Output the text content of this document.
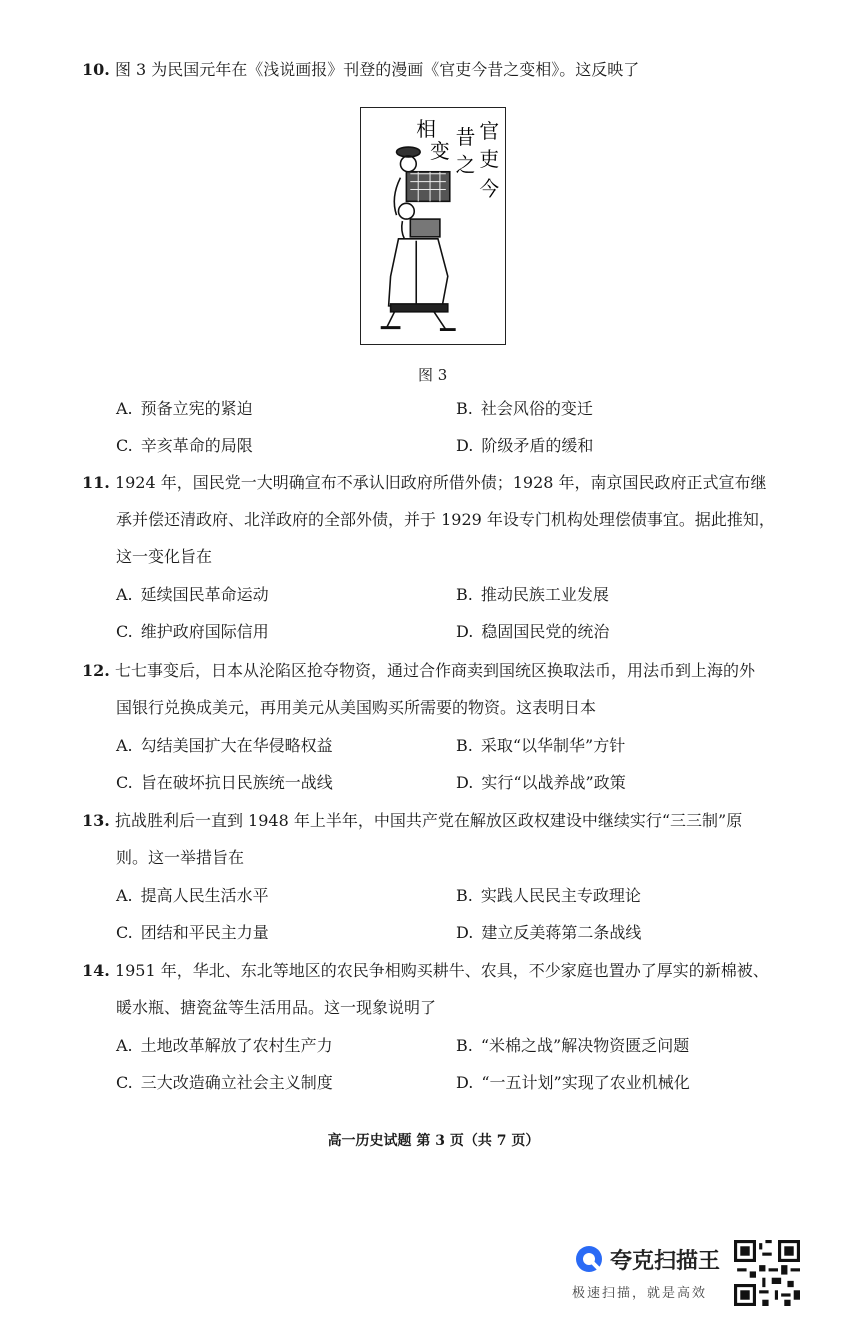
10. 图 3 为民国元年在《浅说画报》刊登的漫画《官吏今昔之变相》。这反映了
官
吏
今
昔
之
变
相
图 3
A. 预备立宪的紧迫	B. 社会风俗的变迁
C. 辛亥革命的局限	D. 阶级矛盾的缓和
11. 1924 年，国民党一大明确宣布不承认旧政府所借外债；1928 年，南京国民政府正式宣布继
承并偿还清政府、北洋政府的全部外债，并于 1929 年设专门机构处理偿债事宜。据此推知，
这一变化旨在
A. 延续国民革命运动	B. 推动民族工业发展
C. 维护政府国际信用	D. 稳固国民党的统治
12. 七七事变后，日本从沦陷区抢夺物资，通过合作商卖到国统区换取法币，用法币到上海的外
国银行兑换成美元，再用美元从美国购买所需要的物资。这表明日本
A. 勾结美国扩大在华侵略权益	B. 采取“以华制华”方针
C. 旨在破坏抗日民族统一战线	D. 实行“以战养战”政策
13. 抗战胜利后一直到 1948 年上半年，中国共产党在解放区政权建设中继续实行“三三制”原
则。这一举措旨在
A. 提高人民生活水平	B. 实践人民民主专政理论
C. 团结和平民主力量	D. 建立反美蒋第二条战线
14. 1951 年，华北、东北等地区的农民争相购买耕牛、农具，不少家庭也置办了厚实的新棉被、
暖水瓶、搪瓷盆等生活用品。这一现象说明了
A. 土地改革解放了农村生产力	B. “米棉之战”解决物资匮乏问题
C. 三大改造确立社会主义制度	D. “一五计划”实现了农业机械化
高一历史试题 第 3 页（共 7 页）
夸克扫描王
极速扫描，就是高效
